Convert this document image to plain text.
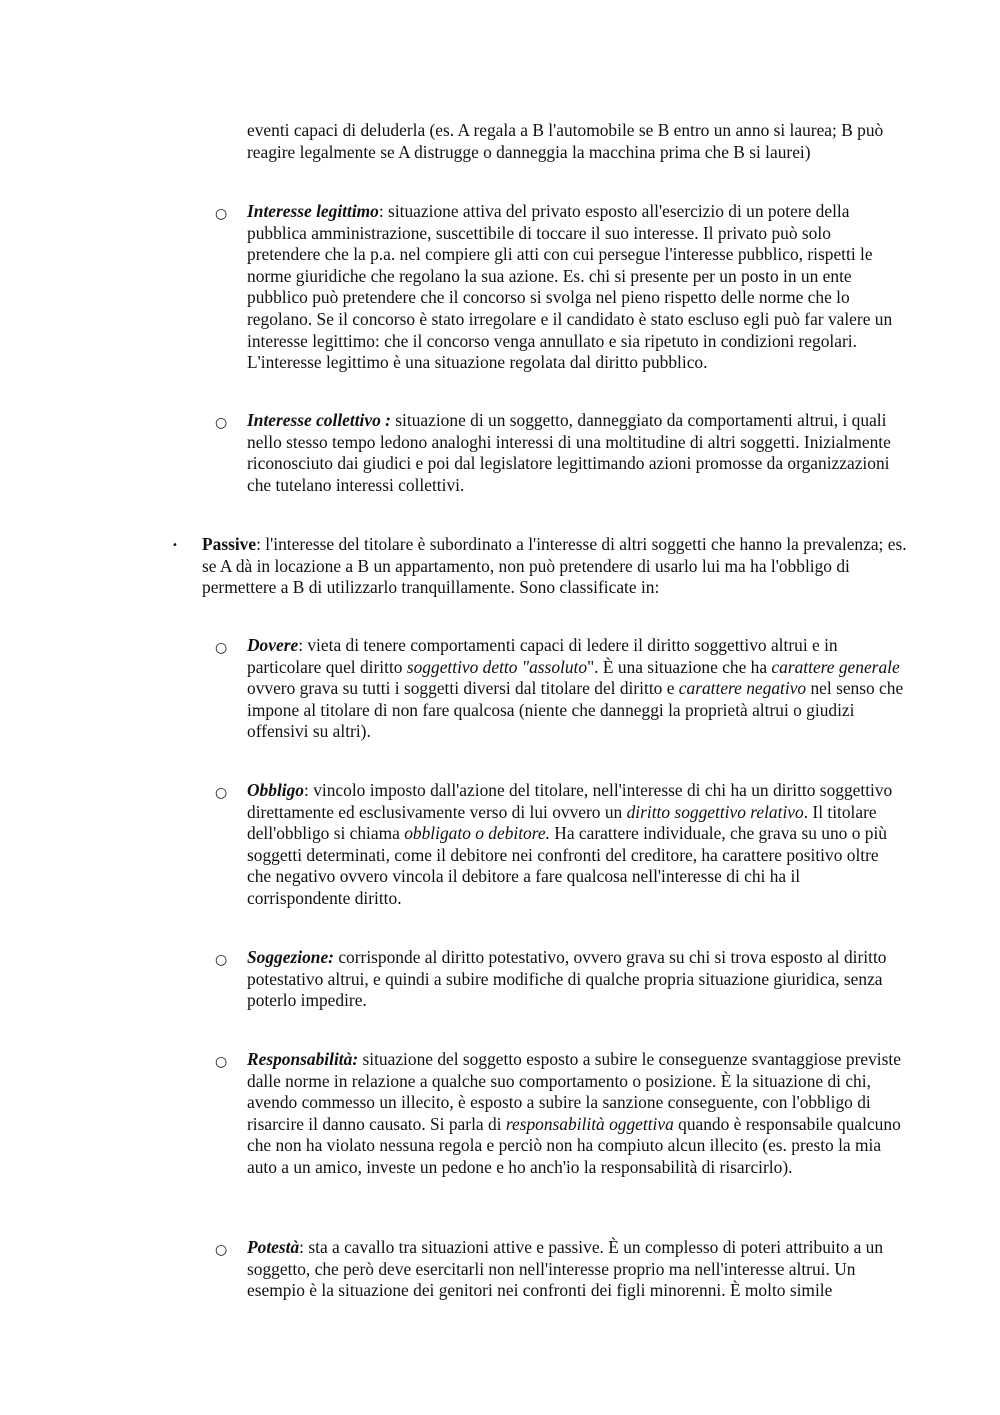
eventi capaci di deluderla (es. A regala a B l'automobile se B entro un anno si laurea; B può reagire legalmente se A distrugge o danneggia la macchina prima che B si laurei)

○ Interesse legittimo: situazione attiva del privato esposto all'esercizio di un potere della pubblica amministrazione, suscettibile di toccare il suo interesse. Il privato può solo pretendere che la p.a. nel compiere gli atti con cui persegue l'interesse pubblico, rispetti le norme giuridiche che regolano la sua azione. Es. chi si presente per un posto in un ente pubblico può pretendere che il concorso si svolga nel pieno rispetto delle norme che lo regolano. Se il concorso è stato irregolare e il candidato è stato escluso egli può far valere un interesse legittimo: che il concorso venga annullato e sia ripetuto in condizioni regolari. L'interesse legittimo è una situazione regolata dal diritto pubblico.

○ Interesse collettivo : situazione di un soggetto, danneggiato da comportamenti altrui, i quali nello stesso tempo ledono analoghi interessi di una moltitudine di altri soggetti. Inizialmente riconosciuto dai giudici e poi dal legislatore legittimando azioni promosse da organizzazioni che tutelano interessi collettivi.

• Passive: l'interesse del titolare è subordinato a l'interesse di altri soggetti che hanno la prevalenza; es. se A dà in locazione a B un appartamento, non può pretendere di usarlo lui ma ha l'obbligo di permettere a B di utilizzarlo tranquillamente. Sono classificate in:

○ Dovere: vieta di tenere comportamenti capaci di ledere il diritto soggettivo altrui e in particolare quel diritto soggettivo detto "assoluto". È una situazione che ha carattere generale ovvero grava su tutti i soggetti diversi dal titolare del diritto e carattere negativo nel senso che impone al titolare di non fare qualcosa (niente che danneggi la proprietà altrui o giudizi offensivi su altri).

○ Obbligo: vincolo imposto dall'azione del titolare, nell'interesse di chi ha un diritto soggettivo direttamente ed esclusivamente verso di lui ovvero un diritto soggettivo relativo. Il titolare dell'obbligo si chiama obbligato o debitore. Ha carattere individuale, che grava su uno o più soggetti determinati, come il debitore nei confronti del creditore, ha carattere positivo oltre che negativo ovvero vincola il debitore a fare qualcosa nell'interesse di chi ha il corrispondente diritto.

○ Soggezione: corrisponde al diritto potestativo, ovvero grava su chi si trova esposto al diritto potestativo altrui, e quindi a subire modifiche di qualche propria situazione giuridica, senza poterlo impedire.

○ Responsabilità: situazione del soggetto esposto a subire le conseguenze svantaggiose previste dalle norme in relazione a qualche suo comportamento o posizione. È la situazione di chi, avendo commesso un illecito, è esposto a subire la sanzione conseguente, con l'obbligo di risarcire il danno causato. Si parla di responsabilità oggettiva quando è responsabile qualcuno che non ha violato nessuna regola e perciò non ha compiuto alcun illecito (es. presto la mia auto a un amico, investe un pedone e ho anch'io la responsabilità di risarcirlo).

○ Potestà: sta a cavallo tra situazioni attive e passive. È un complesso di poteri attribuito a un soggetto, che però deve esercitarli non nell'interesse proprio ma nell'interesse altrui. Un esempio è la situazione dei genitori nei confronti dei figli minorenni. È molto simile
